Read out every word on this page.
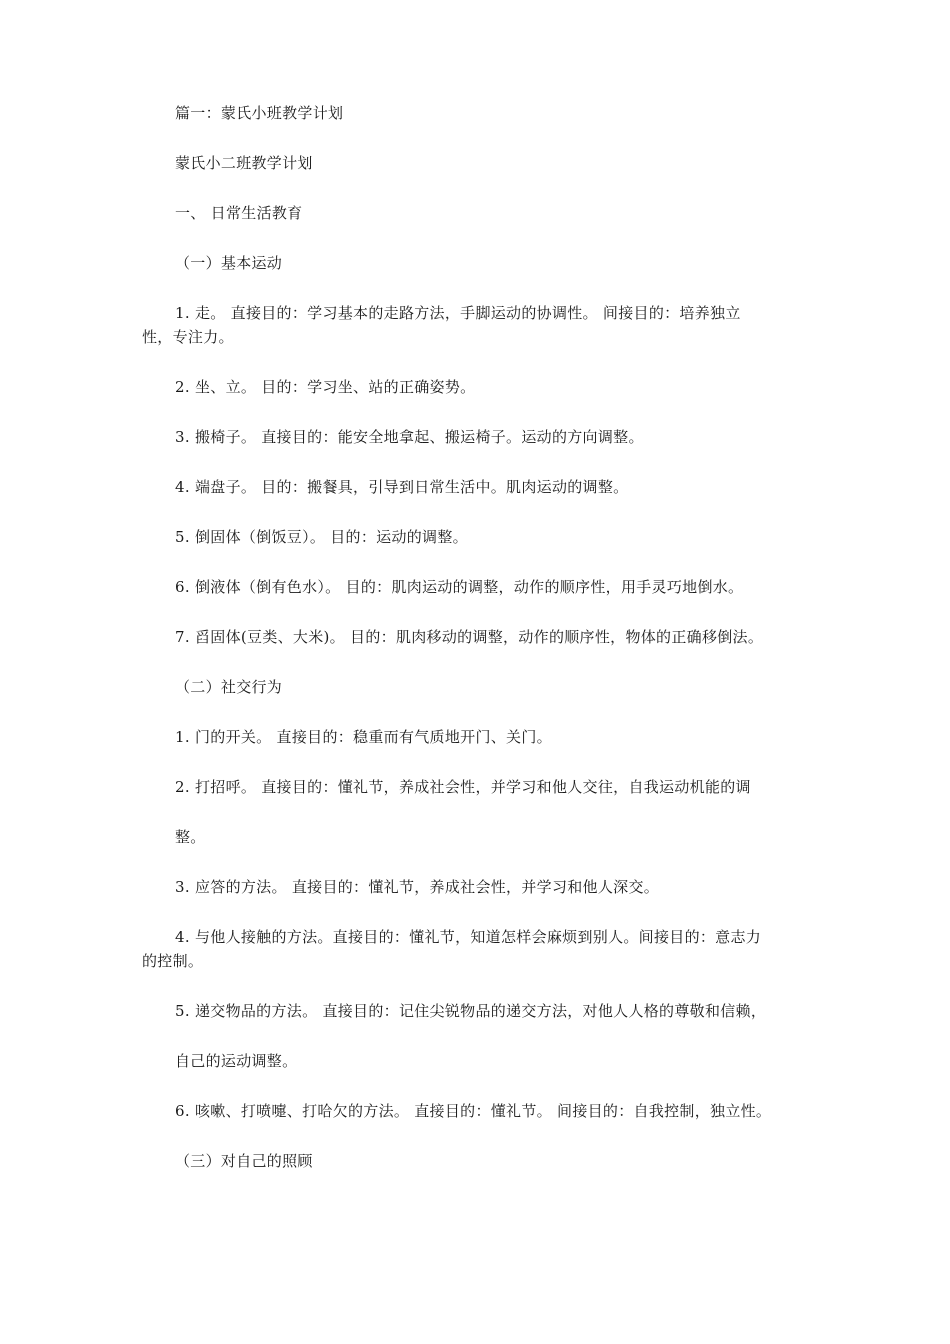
篇一：蒙氏小班教学计划
蒙氏小二班教学计划
一、 日常生活教育
（一）基本运动
1. 走。 直接目的：学习基本的走路方法，手脚运动的协调性。 间接目的：培养独立
性，专注力。
2. 坐、立。 目的：学习坐、站的正确姿势。
3. 搬椅子。 直接目的：能安全地拿起、搬运椅子。运动的方向调整。
4. 端盘子。 目的：搬餐具，引导到日常生活中。肌肉运动的调整。
5. 倒固体（倒饭豆）。 目的：运动的调整。
6. 倒液体（倒有色水）。 目的：肌肉运动的调整，动作的顺序性，用手灵巧地倒水。
7. 舀固体(豆类、大米)。 目的：肌肉移动的调整，动作的顺序性，物体的正确移倒法。
（二）社交行为
1. 门的开关。 直接目的：稳重而有气质地开门、关门。
2. 打招呼。 直接目的：懂礼节，养成社会性，并学习和他人交往，自我运动机能的调
整。
3. 应答的方法。 直接目的：懂礼节，养成社会性，并学习和他人深交。
4. 与他人接触的方法。直接目的：懂礼节，知道怎样会麻烦到别人。间接目的：意志力
的控制。
5. 递交物品的方法。 直接目的：记住尖锐物品的递交方法，对他人人格的尊敬和信赖，
自己的运动调整。
6. 咳嗽、打喷嚏、打哈欠的方法。 直接目的：懂礼节。 间接目的：自我控制，独立性。
（三）对自己的照顾
